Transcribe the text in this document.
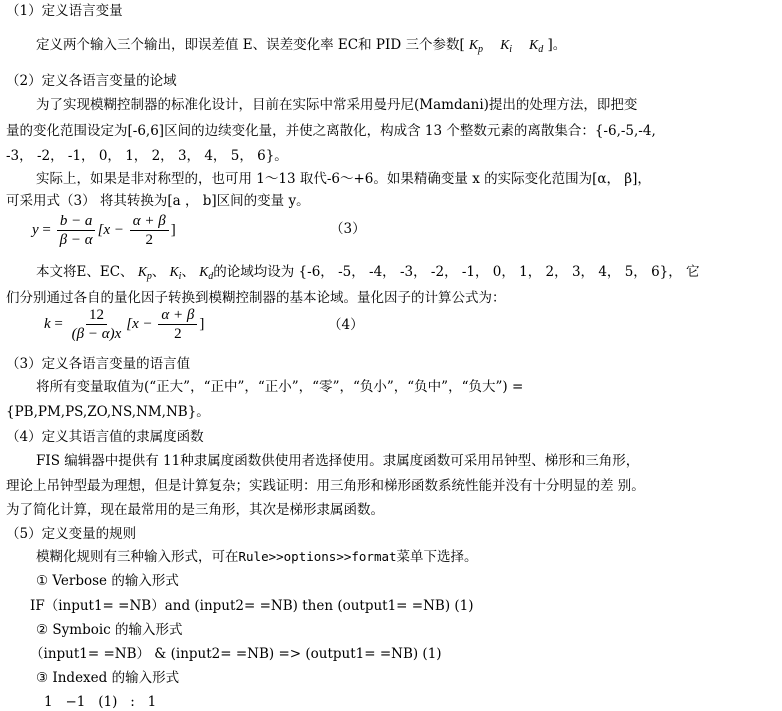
（1）定义语言变量
定义两个输入三个输出，即误差值 E、误差变化率 EC和 PID 三个参数[ $K_p$ $K_i$ $K_d$ ]。
（2）定义各语言变量的论域
为了实现模糊控制器的标准化设计，目前在实际中常采用曼丹尼(Mamdani)提出的处理方法，即把变
量的变化范围设定为[-6,6]区间的边续变化量，并使之离散化，构成含 13 个整数元素的离散集合：{-6,-5,-4,
-3， -2， -1， 0， 1， 2， 3， 4， 5， 6}。
实际上，如果是非对称型的，也可用 1～13 取代-6～+6。如果精确变量 x 的实际变化范围为[α， β]，
可采用式（3） 将其转换为[a ， b]区间的变量 y。
$y = \frac{b - a}{\beta - \alpha} [x - \frac{\alpha + \beta}{2}$ ]	（3）
本文将E、EC、 $K_p$、 $K_i$、 $K_d$的论域均设为 {-6， -5， -4， -3， -2， -1， 0， 1， 2， 3， 4， 5， 6}， 它
们分别通过各自的量化因子转换到模糊控制器的基本论域。量化因子的计算公式为：
$k = \frac{12}{(\beta - \alpha)x} [x - \frac{\alpha + \beta}{2}$ ]	（4）
（3）定义各语言变量的语言值
将所有变量取值为(“正大”，“正中”，“正小”，“零”，“负小”，“负中”，“负大”) =
{PB,PM,PS,ZO,NS,NM,NB}。
（4）定义其语言值的隶属度函数
FIS 编辑器中提供有 11种隶属度函数供使用者选择使用。隶属度函数可采用吊钟型、梯形和三角形，
理论上吊钟型最为理想，但是计算复杂；实践证明：用三角形和梯形函数系统性能并没有十分明显的差 别。
为了简化计算，现在最常用的是三角形，其次是梯形隶属函数。
（5）定义变量的规则
模糊化规则有三种输入形式，可在Rule>>options>>format菜单下选择。
① Verbose 的输入形式
IF（input1= =NB）and (input2= =NB) then (output1= =NB) (1)
② Symboic 的输入形式
（input1= =NB） & (input2= =NB) => (output1= =NB) (1)
③ Indexed 的输入形式
1   −1   (1)   :   1
